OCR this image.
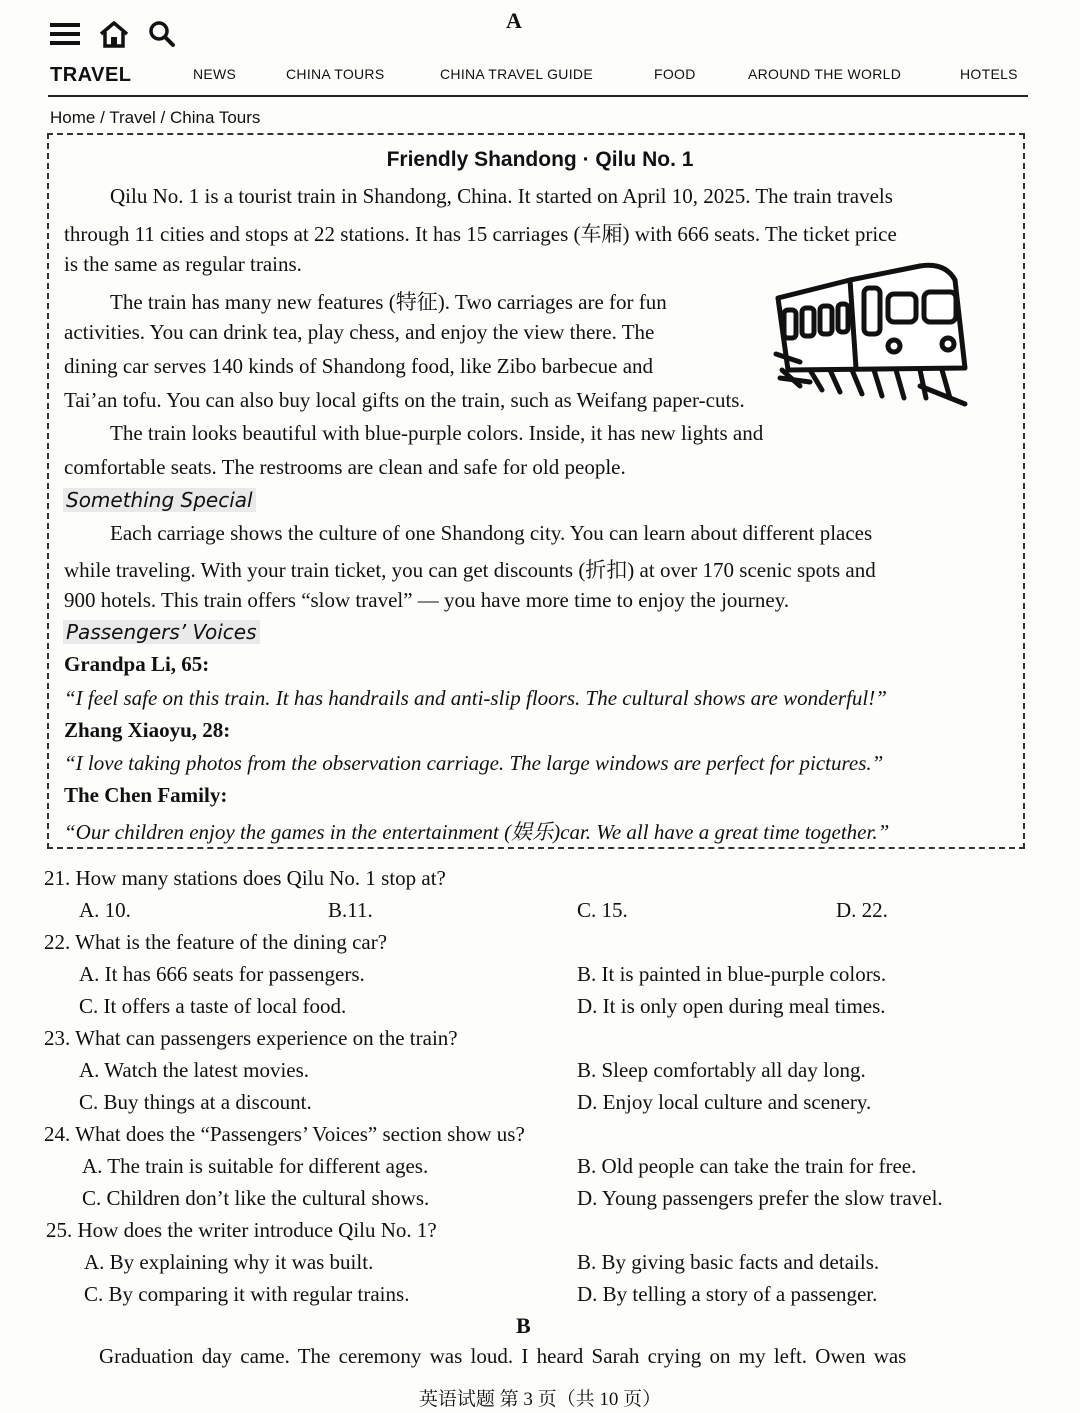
A
TRAVEL	NEWS	CHINA TOURS	CHINA TRAVEL GUIDE	FOOD	AROUND THE WORLD	HOTELS
Home / Travel / China Tours
Friendly Shandong · Qilu No. 1
Qilu No. 1 is a tourist train in Shandong, China. It started on April 10, 2025. The train travels
through 11 cities and stops at 22 stations. It has 15 carriages (车厢) with 666 seats. The ticket price
is the same as regular trains.
The train has many new features (特征). Two carriages are for fun
activities. You can drink tea, play chess, and enjoy the view there. The
dining car serves 140 kinds of Shandong food, like Zibo barbecue and
Tai’an tofu. You can also buy local gifts on the train, such as Weifang paper-cuts.
The train looks beautiful with blue-purple colors. Inside, it has new lights and
comfortable seats. The restrooms are clean and safe for old people.
Something Special
Each carriage shows the culture of one Shandong city. You can learn about different places
while traveling. With your train ticket, you can get discounts (折扣) at over 170 scenic spots and
900 hotels. This train offers “slow travel” — you have more time to enjoy the journey.
Passengers’ Voices
Grandpa Li, 65:
“I feel safe on this train. It has handrails and anti-slip floors. The cultural shows are wonderful!”
Zhang Xiaoyu, 28:
“I love taking photos from the observation carriage. The large windows are perfect for pictures.”
The Chen Family:
“Our children enjoy the games in the entertainment (娱乐)car. We all have a great time together.”
21. How many stations does Qilu No. 1 stop at?
A. 10.	B.11.	C. 15.	D. 22.
22. What is the feature of the dining car?
A. It has 666 seats for passengers.	B. It is painted in blue-purple colors.
C. It offers a taste of local food.	D. It is only open during meal times.
23. What can passengers experience on the train?
A. Watch the latest movies.	B. Sleep comfortably all day long.
C. Buy things at a discount.	D. Enjoy local culture and scenery.
24. What does the “Passengers’ Voices” section show us?
A. The train is suitable for different ages.	B. Old people can take the train for free.
C. Children don’t like the cultural shows.	D. Young passengers prefer the slow travel.
25. How does the writer introduce Qilu No. 1?
A. By explaining why it was built.	B. By giving basic facts and details.
C. By comparing it with regular trains.	D. By telling a story of a passenger.
B
Graduation day came. The ceremony was loud. I heard Sarah crying on my left. Owen was
英语试题 第 3 页（共 10 页）
